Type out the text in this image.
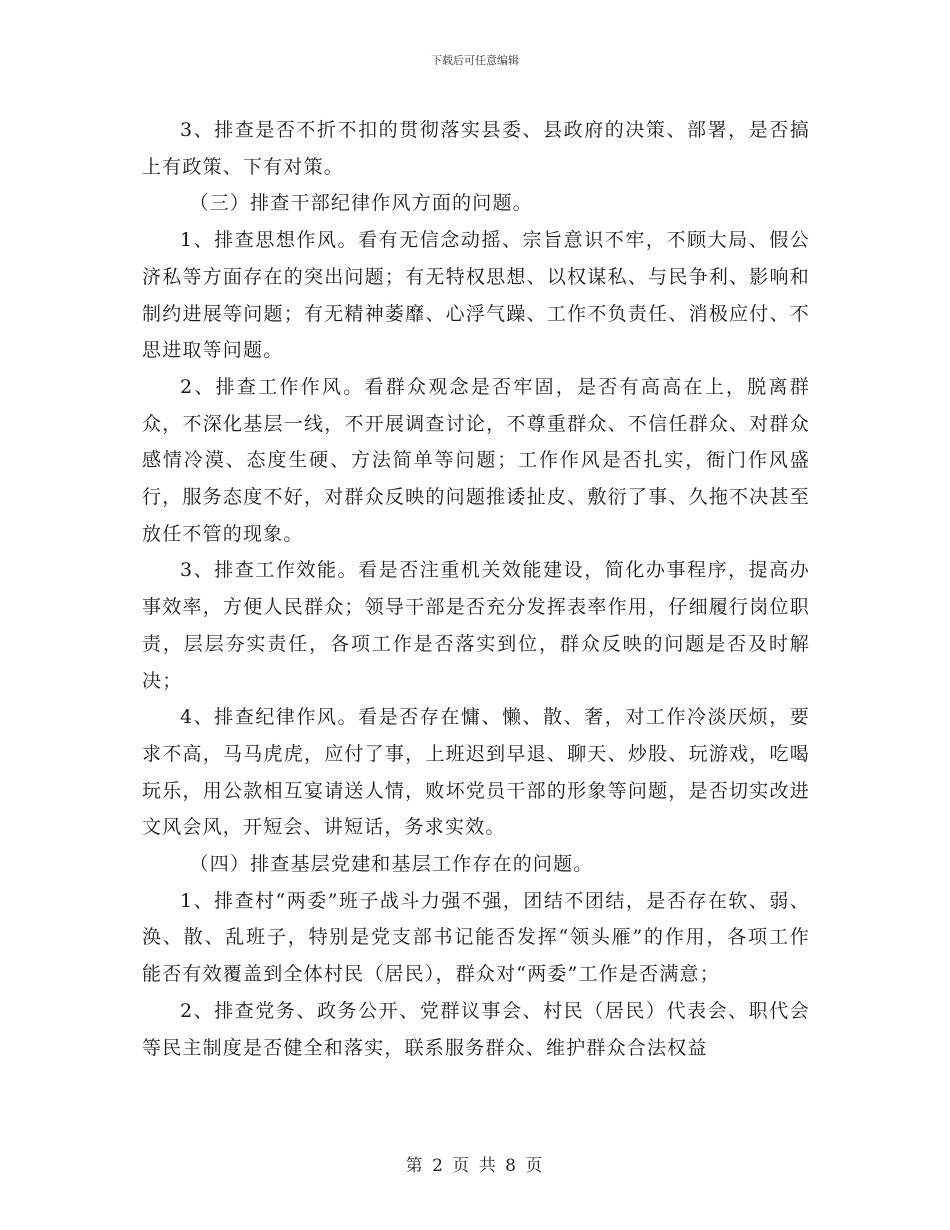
下载后可任意编辑

3、排查是否不折不扣的贯彻落实县委、县政府的决策、部署，是否搞上有政策、下有对策。

（三）排查干部纪律作风方面的问题。

1、排查思想作风。看有无信念动摇、宗旨意识不牢，不顾大局、假公济私等方面存在的突出问题；有无特权思想、以权谋私、与民争利、影响和制约进展等问题；有无精神萎靡、心浮气躁、工作不负责任、消极应付、不思进取等问题。

2、排查工作作风。看群众观念是否牢固，是否有高高在上，脱离群众，不深化基层一线，不开展调查讨论，不尊重群众、不信任群众、对群众感情冷漠、态度生硬、方法简单等问题；工作作风是否扎实，衙门作风盛行，服务态度不好，对群众反映的问题推诿扯皮、敷衍了事、久拖不决甚至放任不管的现象。

3、排查工作效能。看是否注重机关效能建设，简化办事程序，提高办事效率，方便人民群众；领导干部是否充分发挥表率作用，仔细履行岗位职责，层层夯实责任，各项工作是否落实到位，群众反映的问题是否及时解决；

4、排查纪律作风。看是否存在慵、懒、散、奢，对工作冷淡厌烦，要求不高，马马虎虎，应付了事，上班迟到早退、聊天、炒股、玩游戏，吃喝玩乐，用公款相互宴请送人情，败坏党员干部的形象等问题，是否切实改进文风会风，开短会、讲短话，务求实效。

（四）排查基层党建和基层工作存在的问题。

1、排查村“两委”班子战斗力强不强，团结不团结，是否存在软、弱、涣、散、乱班子，特别是党支部书记能否发挥“领头雁”的作用，各项工作能否有效覆盖到全体村民（居民），群众对“两委”工作是否满意；

2、排查党务、政务公开、党群议事会、村民（居民）代表会、职代会等民主制度是否健全和落实，联系服务群众、维护群众合法权益

第 2 页 共 8 页
